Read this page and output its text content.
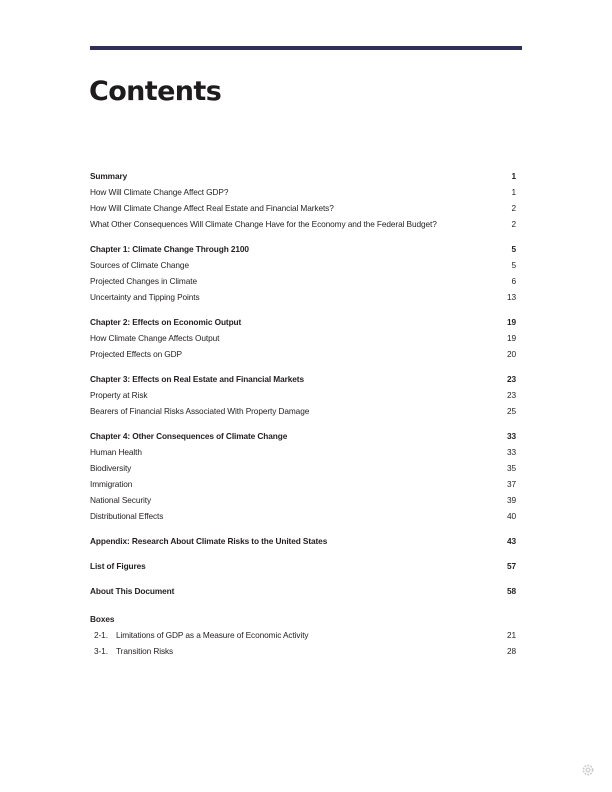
Contents
Summary	1
How Will Climate Change Affect GDP?	1
How Will Climate Change Affect Real Estate and Financial Markets?	2
What Other Consequences Will Climate Change Have for the Economy and the Federal Budget?	2
Chapter 1: Climate Change Through 2100	5
Sources of Climate Change	5
Projected Changes in Climate	6
Uncertainty and Tipping Points	13
Chapter 2: Effects on Economic Output	19
How Climate Change Affects Output	19
Projected Effects on GDP	20
Chapter 3: Effects on Real Estate and Financial Markets	23
Property at Risk	23
Bearers of Financial Risks Associated With Property Damage	25
Chapter 4: Other Consequences of Climate Change	33
Human Health	33
Biodiversity	35
Immigration	37
National Security	39
Distributional Effects	40
Appendix: Research About Climate Risks to the United States	43
List of Figures	57
About This Document	58
Boxes
2-1. Limitations of GDP as a Measure of Economic Activity	21
3-1. Transition Risks	28
